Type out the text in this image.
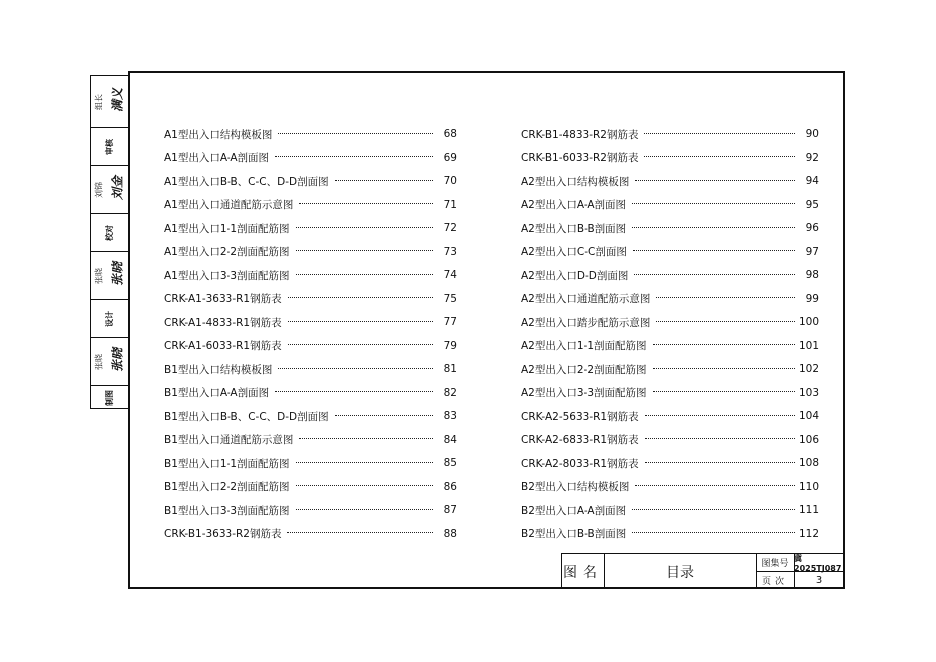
组长 满义
审核
刘锦 刘金
校对
张晓 张晓
设计
张晓 张晓
制图
A1型出入口结构模板图	68
A1型出入口A-A剖面图	69
A1型出入口B-B、C-C、D-D剖面图	70
A1型出入口通道配筋示意图	71
A1型出入口1-1剖面配筋图	72
A1型出入口2-2剖面配筋图	73
A1型出入口3-3剖面配筋图	74
CRK-A1-3633-R1钢筋表	75
CRK-A1-4833-R1钢筋表	77
CRK-A1-6033-R1钢筋表	79
B1型出入口结构模板图	81
B1型出入口A-A剖面图	82
B1型出入口B-B、C-C、D-D剖面图	83
B1型出入口通道配筋示意图	84
B1型出入口1-1剖面配筋图	85
B1型出入口2-2剖面配筋图	86
B1型出入口3-3剖面配筋图	87
CRK-B1-3633-R2钢筋表	88
CRK-B1-4833-R2钢筋表	90
CRK-B1-6033-R2钢筋表	92
A2型出入口结构模板图	94
A2型出入口A-A剖面图	95
A2型出入口B-B剖面图	96
A2型出入口C-C剖面图	97
A2型出入口D-D剖面图	98
A2型出入口通道配筋示意图	99
A2型出入口踏步配筋示意图	100
A2型出入口1-1剖面配筋图	101
A2型出入口2-2剖面配筋图	102
A2型出入口3-3剖面配筋图	103
CRK-A2-5633-R1钢筋表	104
CRK-A2-6833-R1钢筋表	106
CRK-A2-8033-R1钢筋表	108
B2型出入口结构模板图	110
B2型出入口A-A剖面图	111
B2型出入口B-B剖面图	112
图名	目录
图集号
冀2025TJ087
页次	3
